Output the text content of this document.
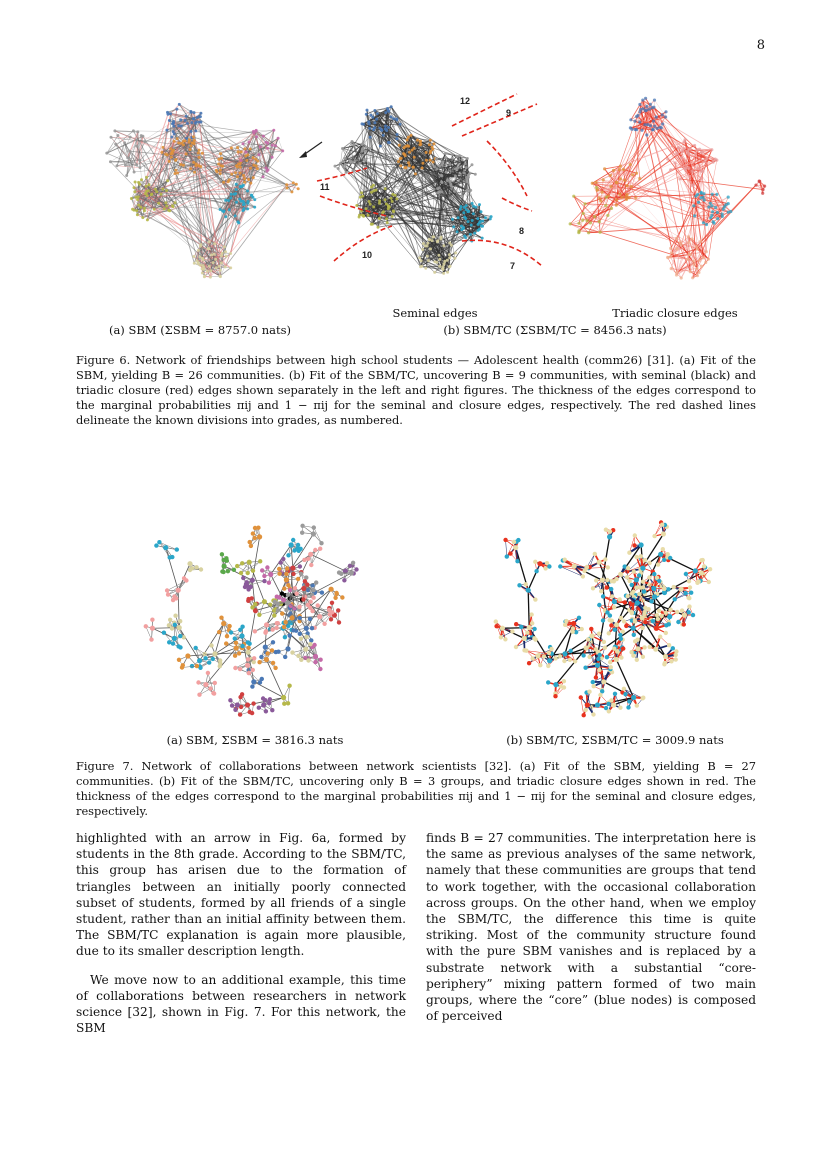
8
12
9
11
8
10
7
Seminal edges	Triadic closure edges
(a) SBM (ΣSBM = 8757.0 nats)	(b) SBM/TC (ΣSBM/TC = 8456.3 nats)
Figure 6. Network of friendships between high school students — Adolescent health (comm26) [31]. (a) Fit of the SBM, yielding B = 26 communities. (b) Fit of the SBM/TC, uncovering B = 9 communities, with seminal (black) and triadic closure (red) edges shown separately in the left and right figures. The thickness of the edges correspond to the marginal probabilities πij and 1 − πij for the seminal and closure edges, respectively. The red dashed lines delineate the known divisions into grades, as numbered.
(a) SBM, ΣSBM = 3816.3 nats	(b) SBM/TC, ΣSBM/TC = 3009.9 nats
Figure 7. Network of collaborations between network scientists [32]. (a) Fit of the SBM, yielding B = 27 communities. (b) Fit of the SBM/TC, uncovering only B = 3 groups, and triadic closure edges shown in red. The thickness of the edges correspond to the marginal probabilities πij and 1 − πij for the seminal and closure edges, respectively.

highlighted with an arrow in Fig. 6a, formed by students in the 8th grade. According to the SBM/TC, this group has arisen due to the formation of triangles between an initially poorly connected subset of students, formed by all friends of a single student, rather than an initial affinity between them. The SBM/TC explanation is again more plausible, due to its smaller description length.

We move now to an additional example, this time of collaborations between researchers in network science [32], shown in Fig. 7. For this network, the SBM

finds B = 27 communities. The interpretation here is the same as previous analyses of the same network, namely that these communities are groups that tend to work together, with the occasional collaboration across groups. On the other hand, when we employ the SBM/TC, the difference this time is quite striking. Most of the community structure found with the pure SBM vanishes and is replaced by a substrate network with a substantial “core-periphery” mixing pattern formed of two main groups, where the “core” (blue nodes) is composed of perceived
